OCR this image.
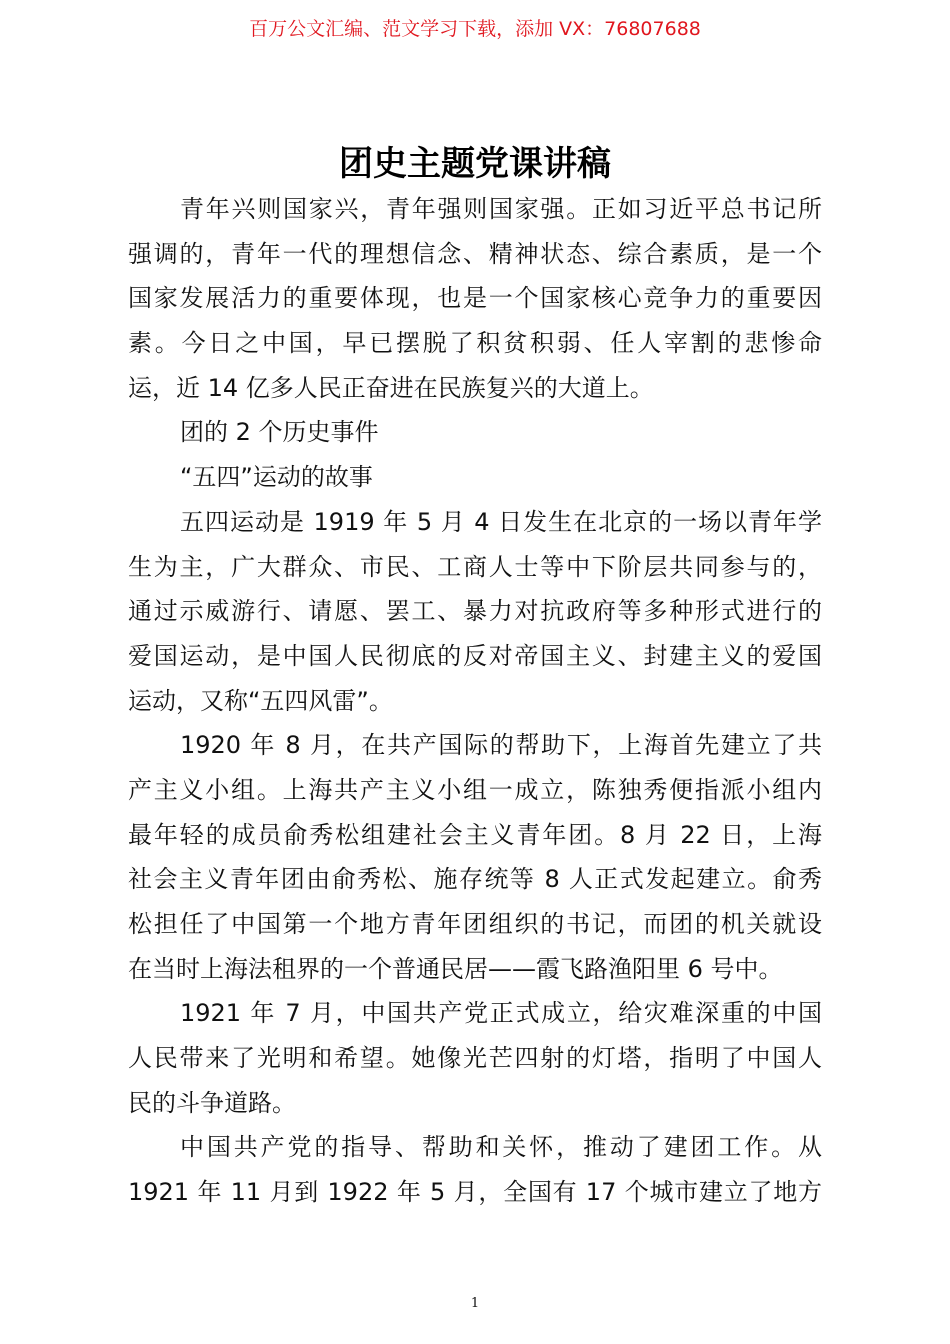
百万公文汇编、范文学习下载，添加 VX：76807688
团史主题党课讲稿
青年兴则国家兴，青年强则国家强。正如习近平总书记所
强调的，青年一代的理想信念、精神状态、综合素质，是一个
国家发展活力的重要体现，也是一个国家核心竞争力的重要因
素。今日之中国，早已摆脱了积贫积弱、任人宰割的悲惨命
运，近 14 亿多人民正奋进在民族复兴的大道上。
团的 2 个历史事件
“五四”运动的故事
五四运动是 1919 年 5 月 4 日发生在北京的一场以青年学
生为主，广大群众、市民、工商人士等中下阶层共同参与的，
通过示威游行、请愿、罢工、暴力对抗政府等多种形式进行的
爱国运动，是中国人民彻底的反对帝国主义、封建主义的爱国
运动，又称“五四风雷”。
1920 年 8 月，在共产国际的帮助下，上海首先建立了共
产主义小组。上海共产主义小组一成立，陈独秀便指派小组内
最年轻的成员俞秀松组建社会主义青年团。8 月 22 日，上海
社会主义青年团由俞秀松、施存统等 8 人正式发起建立。俞秀
松担任了中国第一个地方青年团组织的书记，而团的机关就设
在当时上海法租界的一个普通民居——霞飞路渔阳里 6 号中。
1921 年 7 月，中国共产党正式成立，给灾难深重的中国
人民带来了光明和希望。她像光芒四射的灯塔，指明了中国人
民的斗争道路。
中国共产党的指导、帮助和关怀，推动了建团工作。从
1921 年 11 月到 1922 年 5 月，全国有 17 个城市建立了地方
1
